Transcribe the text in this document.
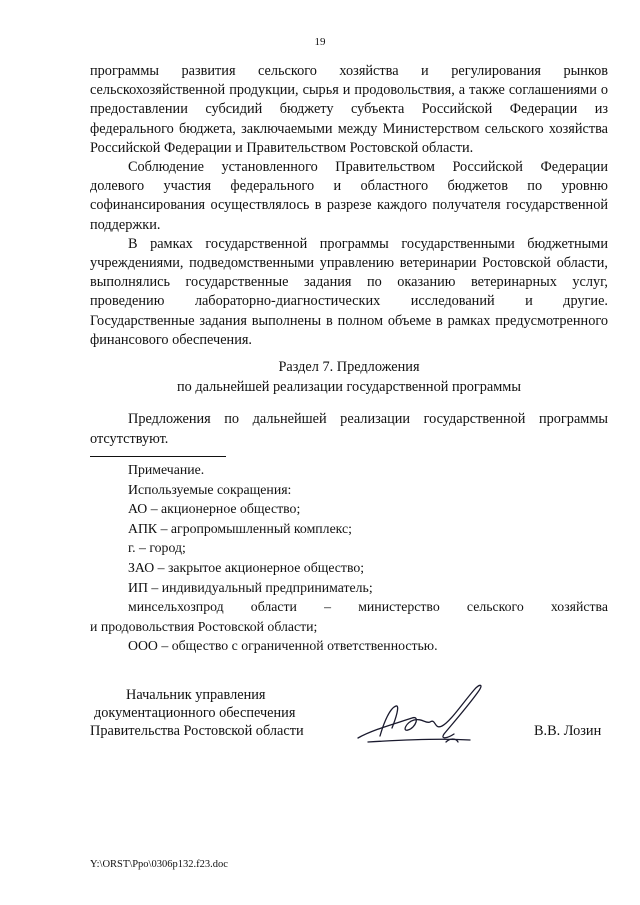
19

программы развития сельского хозяйства и регулирования рынков сельскохозяйственной продукции, сырья и продовольствия, а также соглашениями о предоставлении субсидий бюджету субъекта Российской Федерации из федерального бюджета, заключаемыми между Министерством сельского хозяйства Российской Федерации и Правительством Ростовской области.

Соблюдение установленного Правительством Российской Федерации долевого участия федерального и областного бюджетов по уровню софинансирования осуществлялось в разрезе каждого получателя государственной поддержки.

В рамках государственной программы государственными бюджетными учреждениями, подведомственными управлению ветеринарии Ростовской области, выполнялись государственные задания по оказанию ветеринарных услуг, проведению лабораторно-диагностических исследований и другие. Государственные задания выполнены в полном объеме в рамках предусмотренного финансового обеспечения.

Раздел 7. Предложения
по дальнейшей реализации государственной программы

Предложения по дальнейшей реализации государственной программы отсутствуют.

Примечание.
Используемые сокращения:
АО – акционерное общество;
АПК – агропромышленный комплекс;
г. – город;
ЗАО – закрытое акционерное общество;
ИП – индивидуальный предприниматель;
минсельхозпрод области – министерство сельского хозяйства
и продовольствия Ростовской области;
ООО – общество с ограниченной ответственностью.
Начальник управления
документационного обеспечения
Правительства Ростовской области	В.В. Лозин
Y:\ORST\Ppo\0306p132.f23.doc
